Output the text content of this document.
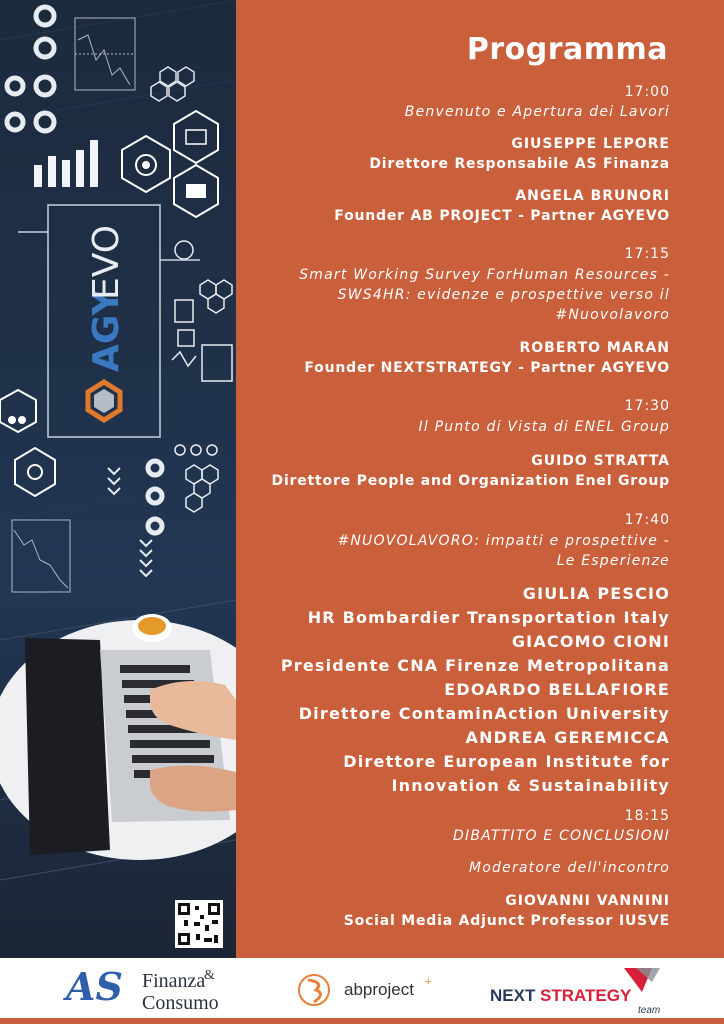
AGY
EVO
Programma
17:00
Benvenuto e Apertura dei Lavori
GIUSEPPE LEPORE
Direttore Responsabile AS Finanza
ANGELA BRUNORI
Founder AB PROJECT - Partner AGYEVO
17:15
Smart Working Survey ForHuman Resources -
SWS4HR: evidenze e prospettive verso il
#Nuovolavoro
ROBERTO MARAN
Founder NEXTSTRATEGY - Partner AGYEVO
17:30
Il Punto di Vista di ENEL Group
GUIDO STRATTA
Direttore People and Organization Enel Group
17:40
#NUOVOLAVORO: impatti e prospettive -
Le Esperienze
GIULIA PESCIO
HR Bombardier Transportation Italy
GIACOMO CIONI
Presidente CNA Firenze Metropolitana
EDOARDO BELLAFIORE
Direttore ContaminAction University
ANDREA GEREMICCA
Direttore European Institute for
Innovation & Sustainability
18:15
DIBATTITO E CONCLUSIONI
Moderatore dell'incontro
GIOVANNI VANNINI
Social Media Adjunct Professor IUSVE
AS Finanza
&
Consumo
abproject +
NEXT STRATEGY
team
